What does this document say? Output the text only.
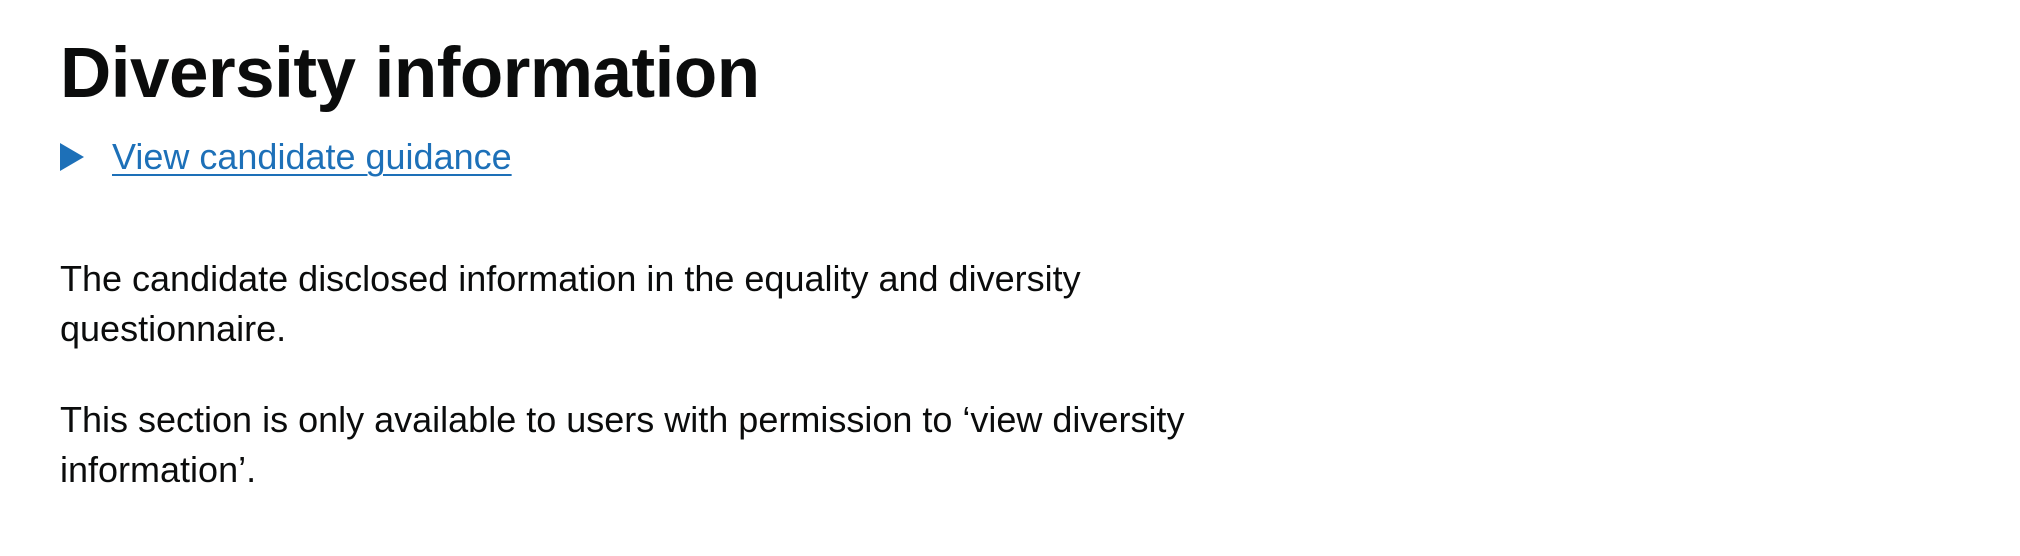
Diversity information
View candidate guidance

The candidate disclosed information in the equality and diversity questionnaire.

This section is only available to users with permission to ‘view diversity information’.
